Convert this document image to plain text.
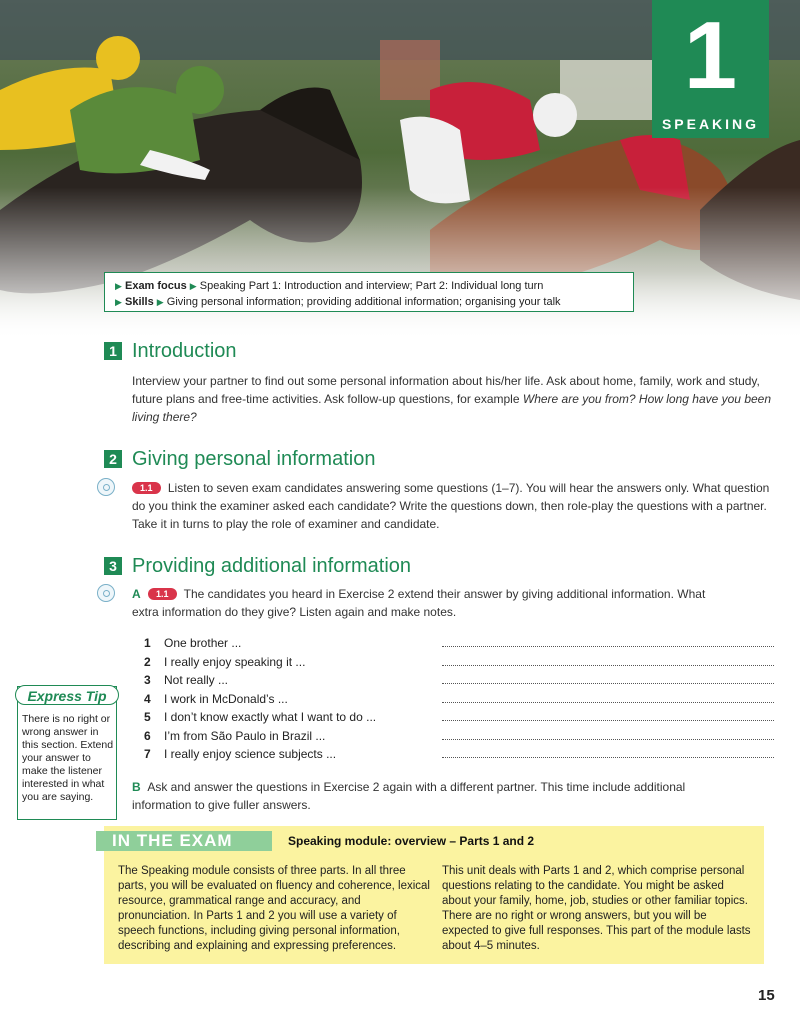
1
SPEAKING
▶ Exam focus ▶ Speaking Part 1: Introduction and interview; Part 2: Individual long turn
▶ Skills ▶ Giving personal information; providing additional information; organising your talk
1 Introduction
Interview your partner to find out some personal information about his/her life. Ask about home, family, work and study, future plans and free-time activities. Ask follow-up questions, for example Where are you from? How long have you been living there?
2 Giving personal information
1.1 Listen to seven exam candidates answering some questions (1–7). You will hear the answers only. What question do you think the examiner asked each candidate? Write the questions down, then role-play the questions with a partner. Take it in turns to play the role of examiner and candidate.
3 Providing additional information
A 1.1 The candidates you heard in Exercise 2 extend their answer by giving additional information. What extra information do they give? Listen again and make notes.
1	One brother ...
2	I really enjoy speaking it ...
3	Not really ...
4	I work in McDonald’s ...
5	I don’t know exactly what I want to do ...
6	I’m from São Paulo in Brazil ...
7	I really enjoy science subjects ...
B Ask and answer the questions in Exercise 2 again with a different partner. This time include additional information to give fuller answers.
Express Tip
There is no right or wrong answer in this section. Extend your answer to make the listener interested in what you are saying.
IN THE EXAM	Speaking module: overview – Parts 1 and 2
The Speaking module consists of three parts. In all three parts, you will be evaluated on fluency and coherence, lexical resource, grammatical range and accuracy, and pronunciation. In Parts 1 and 2 you will use a variety of speech functions, including giving personal information, describing and explaining and expressing preferences.
This unit deals with Parts 1 and 2, which comprise personal questions relating to the candidate. You might be asked about your family, home, job, studies or other familiar topics. There are no right or wrong answers, but you will be expected to give full responses. This part of the module lasts about 4–5 minutes.
15
